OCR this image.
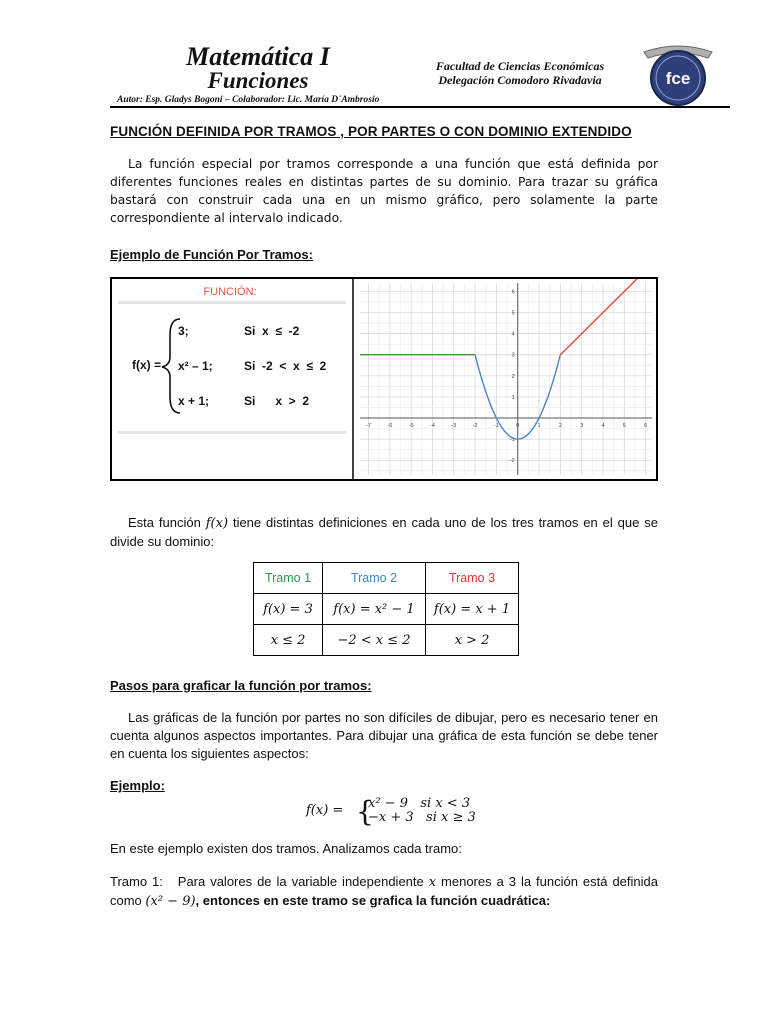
Matemática I
Funciones
Autor: Esp. Gladys Bogoni – Colaborador: Lic. María D´Ambrosio
Facultad de Ciencias Económicas
Delegación Comodoro Rivadavia	fce
FUNCIÓN DEFINIDA POR TRAMOS , POR PARTES O CON DOMINIO EXTENDIDO
La función especial por tramos corresponde a una función que está definida por diferentes funciones reales en distintas partes de su dominio. Para trazar su gráfica bastará con construir cada una en un mismo gráfico, pero solamente la parte correspondiente al intervalo indicado.
Ejemplo de Función Por Tramos:
FUNCIÓN:
f(x) =
3;	Si  x  ≤  -2
x² – 1;	Si  -2  <  x  ≤  2
x + 1;	Si      x  >  2
-7	-6	-5	-4	-3	-2	-1	0	1	2	3	4	5	6
-2
-1
1
2
3
4
5
6
Esta función f(x) tiene distintas definiciones en cada uno de los tres tramos en el que se divide su dominio:
Tramo 1	Tramo 2	Tramo 3
f(x) = 3	f(x) = x² − 1	f(x) = x + 1
x ≤ 2	−2 < x ≤ 2	x > 2
Pasos para graficar la función por tramos:
Las gráficas de la función por partes no son difíciles de dibujar, pero es necesario tener en cuenta algunos aspectos importantes. Para dibujar una gráfica de esta función se debe tener en cuenta los siguientes aspectos:
Ejemplo:
f(x) = {
x² − 9   si x < 3
−x + 3   si x ≥ 3
En este ejemplo existen dos tramos. Analizamos cada tramo:
Tramo 1: Para valores de la variable independiente x menores a 3 la función está definida como (x² − 9), entonces en este tramo se grafica la función cuadrática:
